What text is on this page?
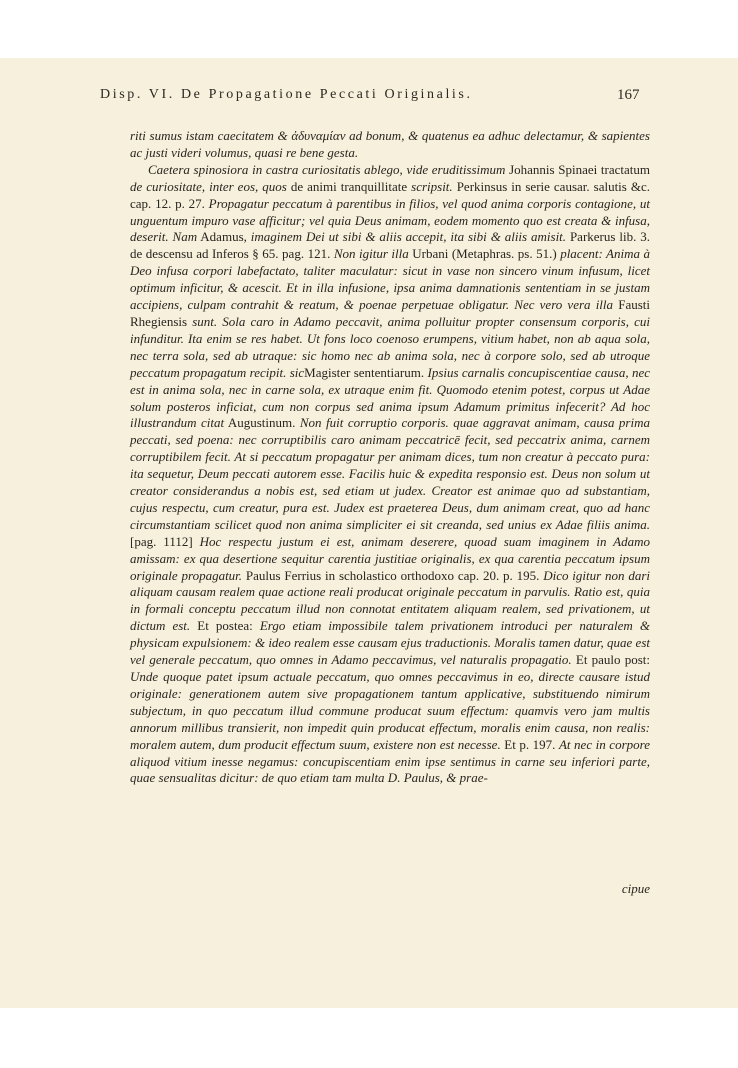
Disp. VI. De Propagatione Peccati Originalis.	167

riti sumus istam caecitatem & ἀδυναμίαν ad bonum, & quatenus ea adhuc delectamur, & sapientes ac justi videri volumus, quasi re bene gesta.

Caetera spinosiora in castra curiositatis ablego, vide eruditissimum Johannis Spinaei tractatum de curiositate, inter eos, quos de animi tranquillitate scripsit. Perkinsus in serie causar. salutis &c. cap. 12. p. 27. Propagatur peccatum à parentibus in filios, vel quod anima corporis contagione, ut unguentum impuro vase afficitur; vel quia Deus animam, eodem momento quo est creata & infusa, deserit. Nam Adamus, imaginem Dei ut sibi & aliis accepit, ita sibi & aliis amisit. Parkerus lib. 3. de descensu ad Inferos § 65. pag. 121. Non igitur illa Urbani (Metaphras. ps. 51.) placent: Anima à Deo infusa corpori labefactato, taliter maculatur: sicut in vase non sincero vinum infusum, licet optimum inficitur, & acescit. Et in illa infusione, ipsa anima damnationis sententiam in se justam accipiens, culpam contrahit & reatum, & poenae perpetuae obligatur. Nec vero vera illa Fausti Rhegiensis sunt. Sola caro in Adamo peccavit, anima polluitur propter consensum corporis, cui infunditur. Ita enim se res habet. Ut fons loco coenoso erumpens, vitium habet, non ab aqua sola, nec terra sola, sed ab utraque: sic homo nec ab anima sola, nec à corpore solo, sed ab utroque peccatum propagatum recipit. sicMagister sententiarum. Ipsius carnalis concupiscentiae causa, nec est in anima sola, nec in carne sola, ex utraque enim fit. Quomodo etenim potest, corpus ut Adae solum posteros inficiat, cum non corpus sed anima ipsum Adamum primitus infecerit? Ad hoc illustrandum citat Augustinum. Non fuit corruptio corporis. quae aggravat animam, causa prima peccati, sed poena: nec corruptibilis caro animam peccatricē fecit, sed peccatrix anima, carnem corruptibilem fecit. At si peccatum propagatur per animam dices, tum non creatur à peccato pura: ita sequetur, Deum peccati autorem esse. Facilis huic & expedita responsio est. Deus non solum ut creator considerandus a nobis est, sed etiam ut judex. Creator est animae quo ad substantiam, cujus respectu, cum creatur, pura est. Judex est praeterea Deus, dum animam creat, quo ad hanc circumstantiam scilicet quod non anima simpliciter ei sit creanda, sed unius ex Adae filiis anima. [pag. 1112] Hoc respectu justum ei est, animam deserere, quoad suam imaginem in Adamo amissam: ex qua desertione sequitur carentia justitiae originalis, ex qua carentia peccatum ipsum originale propagatur. Paulus Ferrius in scholastico orthodoxo cap. 20. p. 195. Dico igitur non dari aliquam causam realem quae actione reali producat originale peccatum in parvulis. Ratio est, quia in formali conceptu peccatum illud non connotat entitatem aliquam realem, sed privationem, ut dictum est. Et postea: Ergo etiam impossibile talem privationem introduci per naturalem & physicam expulsionem: & ideo realem esse causam ejus traductionis. Moralis tamen datur, quae est vel generale peccatum, quo omnes in Adamo peccavimus, vel naturalis propagatio. Et paulo post: Unde quoque patet ipsum actuale peccatum, quo omnes peccavimus in eo, directe causare istud originale: generationem autem sive propagationem tantum applicative, substituendo nimirum subjectum, in quo peccatum illud commune producat suum effectum: quamvis vero jam multis annorum millibus transierit, non impedit quin producat effectum, moralis enim causa, non realis: moralem autem, dum producit effectum suum, existere non est necesse. Et p. 197. At nec in corpore aliquod vitium inesse negamus: concupiscentiam enim ipse sentimus in carne seu inferiori parte, quae sensualitas dicitur: de quo etiam tam multa D. Paulus, & prae-

cipue
